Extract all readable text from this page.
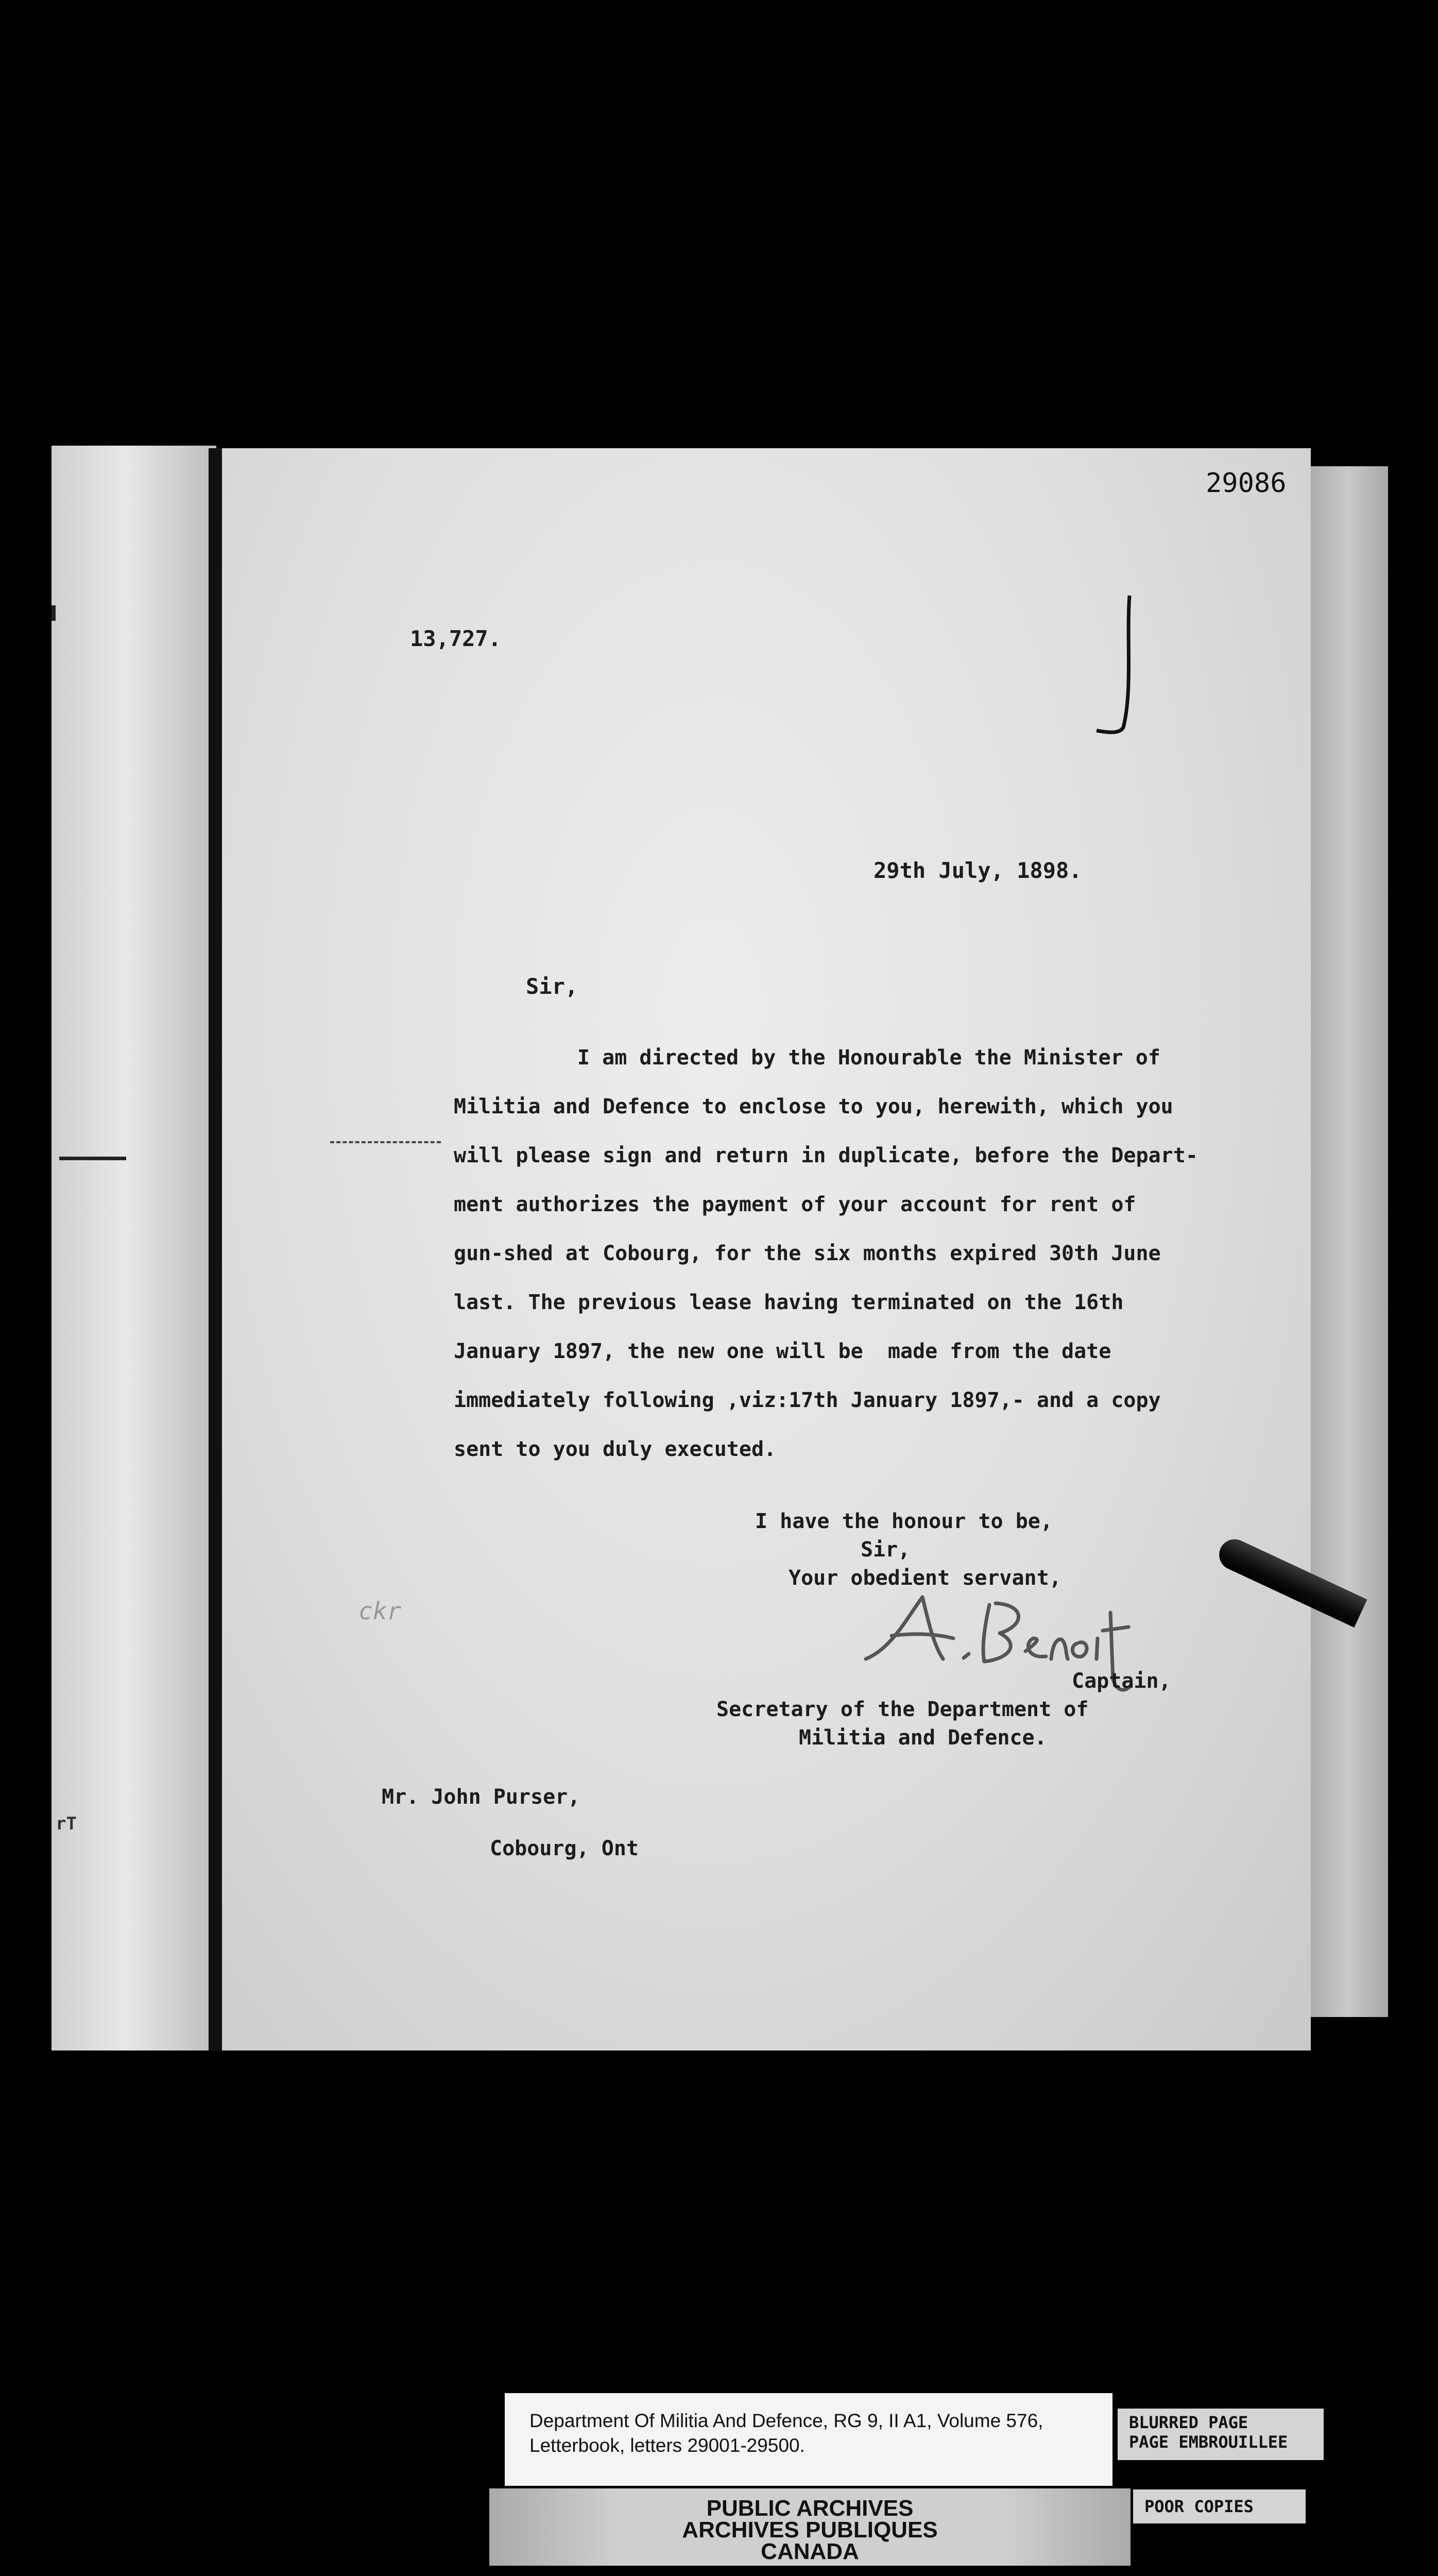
rT
29086
13,727.
29th July, 1898.
Sir,
I am directed by the Honourable the Minister of
Militia and Defence to enclose to you, herewith, which you
will please sign and return in duplicate, before the Depart-
ment authorizes the payment of your account for rent of
gun-shed at Cobourg, for the six months expired 30th June
last. The previous lease having terminated on the 16th
January 1897, the new one will be  made from the date
immediately following ,viz:17th January 1897,- and a copy
sent to you duly executed.
I have the honour to be,
Sir,
Your obedient servant,
ckr
Captain,
Secretary of the Department of
Militia and Defence.
Mr. John Purser,
Cobourg, Ont
Department Of Militia And Defence, RG 9, II A1, Volume 576,
Letterbook, letters 29001-29500.
PUBLIC ARCHIVES
ARCHIVES PUBLIQUES
CANADA
BLURRED PAGE
PAGE EMBROUILLEE
POOR COPIES
